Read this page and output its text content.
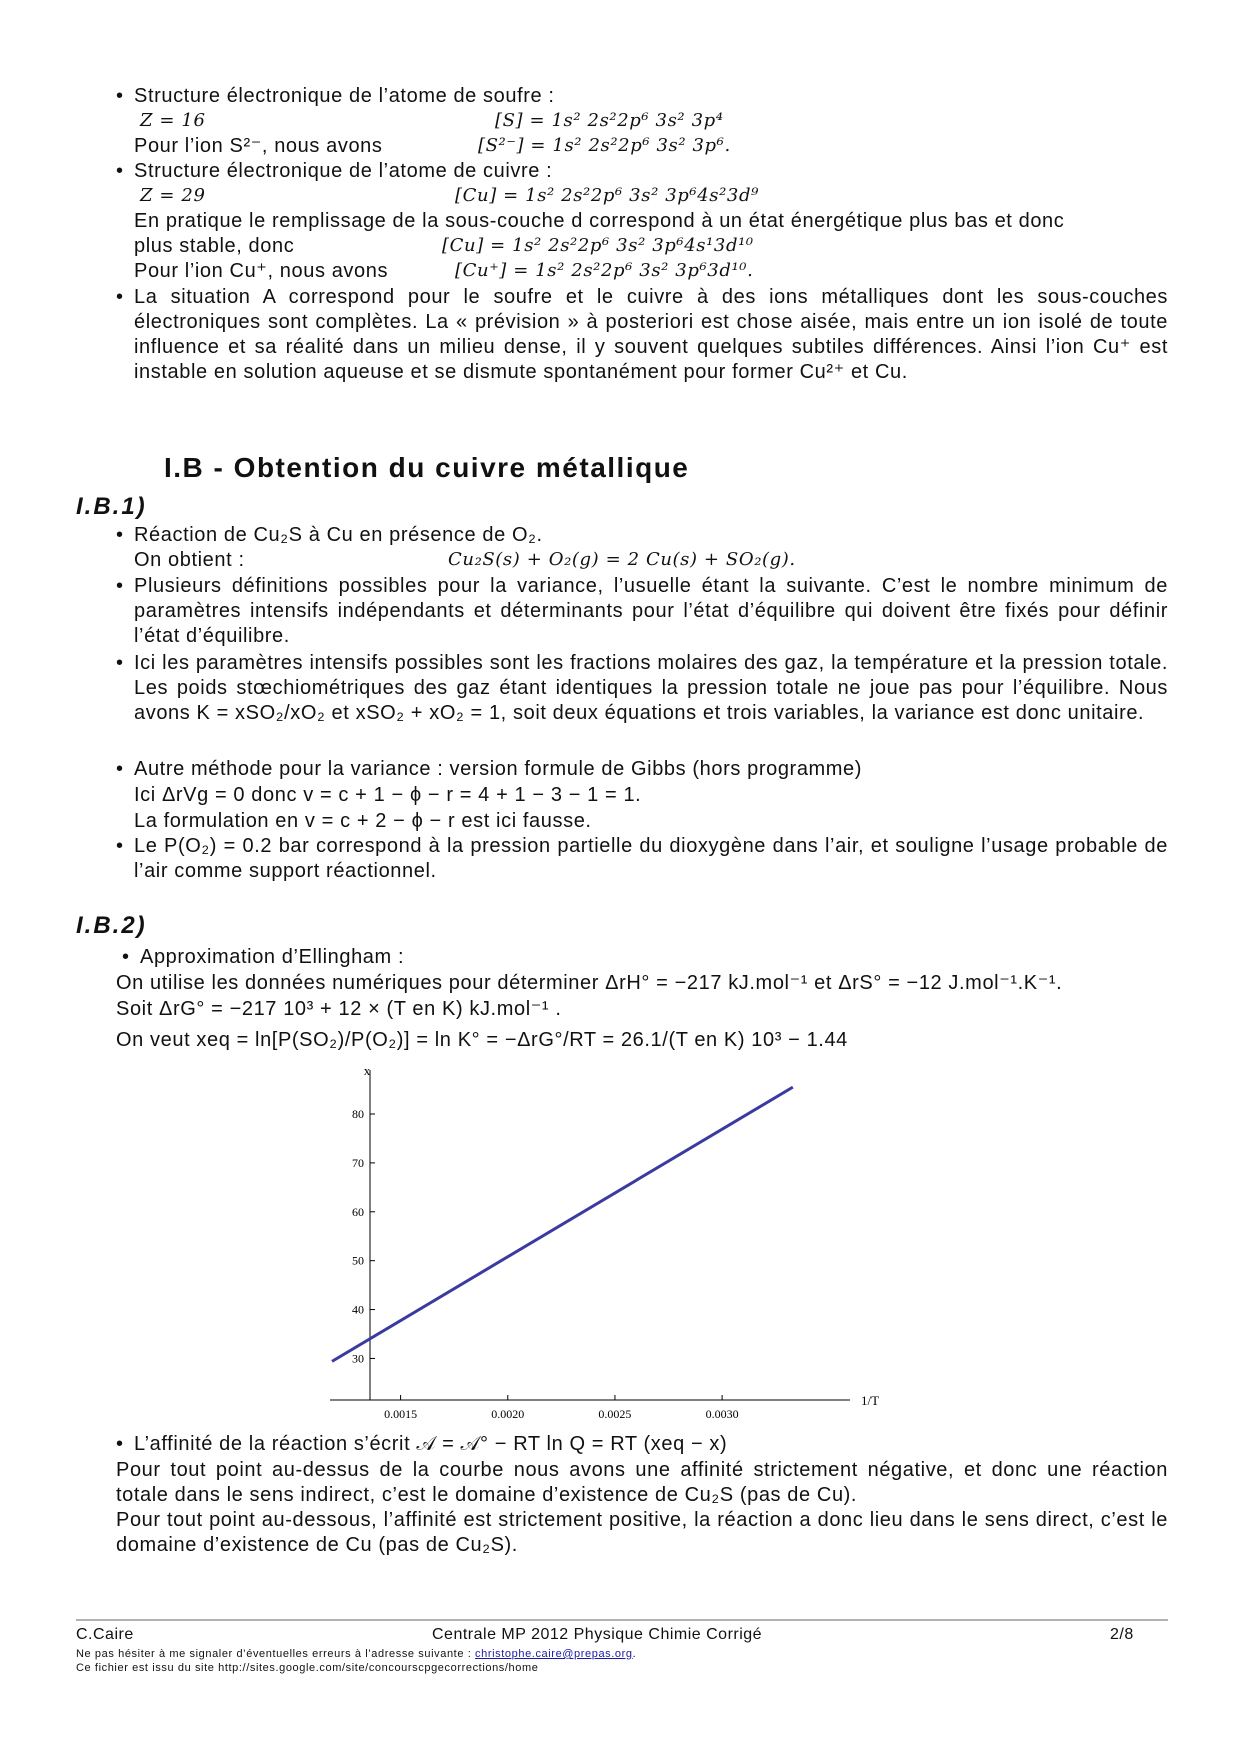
• Structure électronique de l’atome de soufre :
Z = 16	[S] = 1s² 2s²2p⁶ 3s² 3p⁴
Pour l’ion S²⁻, nous avons	[S²⁻] = 1s² 2s²2p⁶ 3s² 3p⁶.
• Structure électronique de l’atome de cuivre :
Z = 29	[Cu] = 1s² 2s²2p⁶ 3s² 3p⁶4s²3d⁹
En pratique le remplissage de la sous-couche d correspond à un état énergétique plus bas et donc
plus stable, donc	[Cu] = 1s² 2s²2p⁶ 3s² 3p⁶4s¹3d¹⁰
Pour l’ion Cu⁺, nous avons	[Cu⁺] = 1s² 2s²2p⁶ 3s² 3p⁶3d¹⁰.
• La situation A correspond pour le soufre et le cuivre à des ions métalliques dont les sous-couches électroniques sont complètes. La « prévision » à posteriori est chose aisée, mais entre un ion isolé de toute influence et sa réalité dans un milieu dense, il y souvent quelques subtiles différences. Ainsi l’ion Cu⁺ est instable en solution aqueuse et se dismute spontanément pour former Cu²⁺ et Cu.
I.B - Obtention du cuivre métallique
I.B.1)
• Réaction de Cu₂S à Cu en présence de O₂.
On obtient :	Cu₂S(s) + O₂(g) = 2 Cu(s) + SO₂(g).
• Plusieurs définitions possibles pour la variance, l’usuelle étant la suivante. C’est le nombre minimum de paramètres intensifs indépendants et déterminants pour l’état d’équilibre qui doivent être fixés pour définir l’état d’équilibre.
• Ici les paramètres intensifs possibles sont les fractions molaires des gaz, la température et la pression totale. Les poids stœchiométriques des gaz étant identiques la pression totale ne joue pas pour l’équilibre. Nous avons K = xSO₂/xO₂ et xSO₂ + xO₂ = 1, soit deux équations et trois variables, la variance est donc unitaire.
• Autre méthode pour la variance : version formule de Gibbs (hors programme)
Ici ΔrVg = 0 donc v = c + 1 − ϕ − r = 4 + 1 − 3 − 1 = 1.
La formulation en v = c + 2 − ϕ − r est ici fausse.
• Le P(O₂) = 0.2 bar correspond à la pression partielle du dioxygène dans l’air, et souligne l’usage probable de l’air comme support réactionnel.
I.B.2)
• Approximation d’Ellingham :
On utilise les données numériques pour déterminer ΔrH° = −217 kJ.mol⁻¹ et ΔrS° = −12 J.mol⁻¹.K⁻¹.
Soit ΔrG° = −217 10³ + 12 × (T en K) kJ.mol⁻¹ .
On veut xeq = ln[P(SO₂)/P(O₂)] = ln K° = −ΔrG°/RT = 26.1/(T en K) 10³ − 1.44
x
1/T
0.0015	0.0020	0.0025	0.0030
30
40
50
60
70
80
• L’affinité de la réaction s’écrit 𝒜 = 𝒜° − RT ln Q = RT (xeq − x)
Pour tout point au-dessus de la courbe nous avons une affinité strictement négative, et donc une réaction totale dans le sens indirect, c’est le domaine d’existence de Cu₂S (pas de Cu).
Pour tout point au-dessous, l’affinité est strictement positive, la réaction a donc lieu dans le sens direct, c’est le domaine d’existence de Cu (pas de Cu₂S).
C.Caire	Centrale MP 2012 Physique Chimie Corrigé	2/8
Ne pas hésiter à me signaler d’éventuelles erreurs à l’adresse suivante : christophe.caire@prepas.org.
Ce fichier est issu du site http://sites.google.com/site/concourscpgecorrections/home
